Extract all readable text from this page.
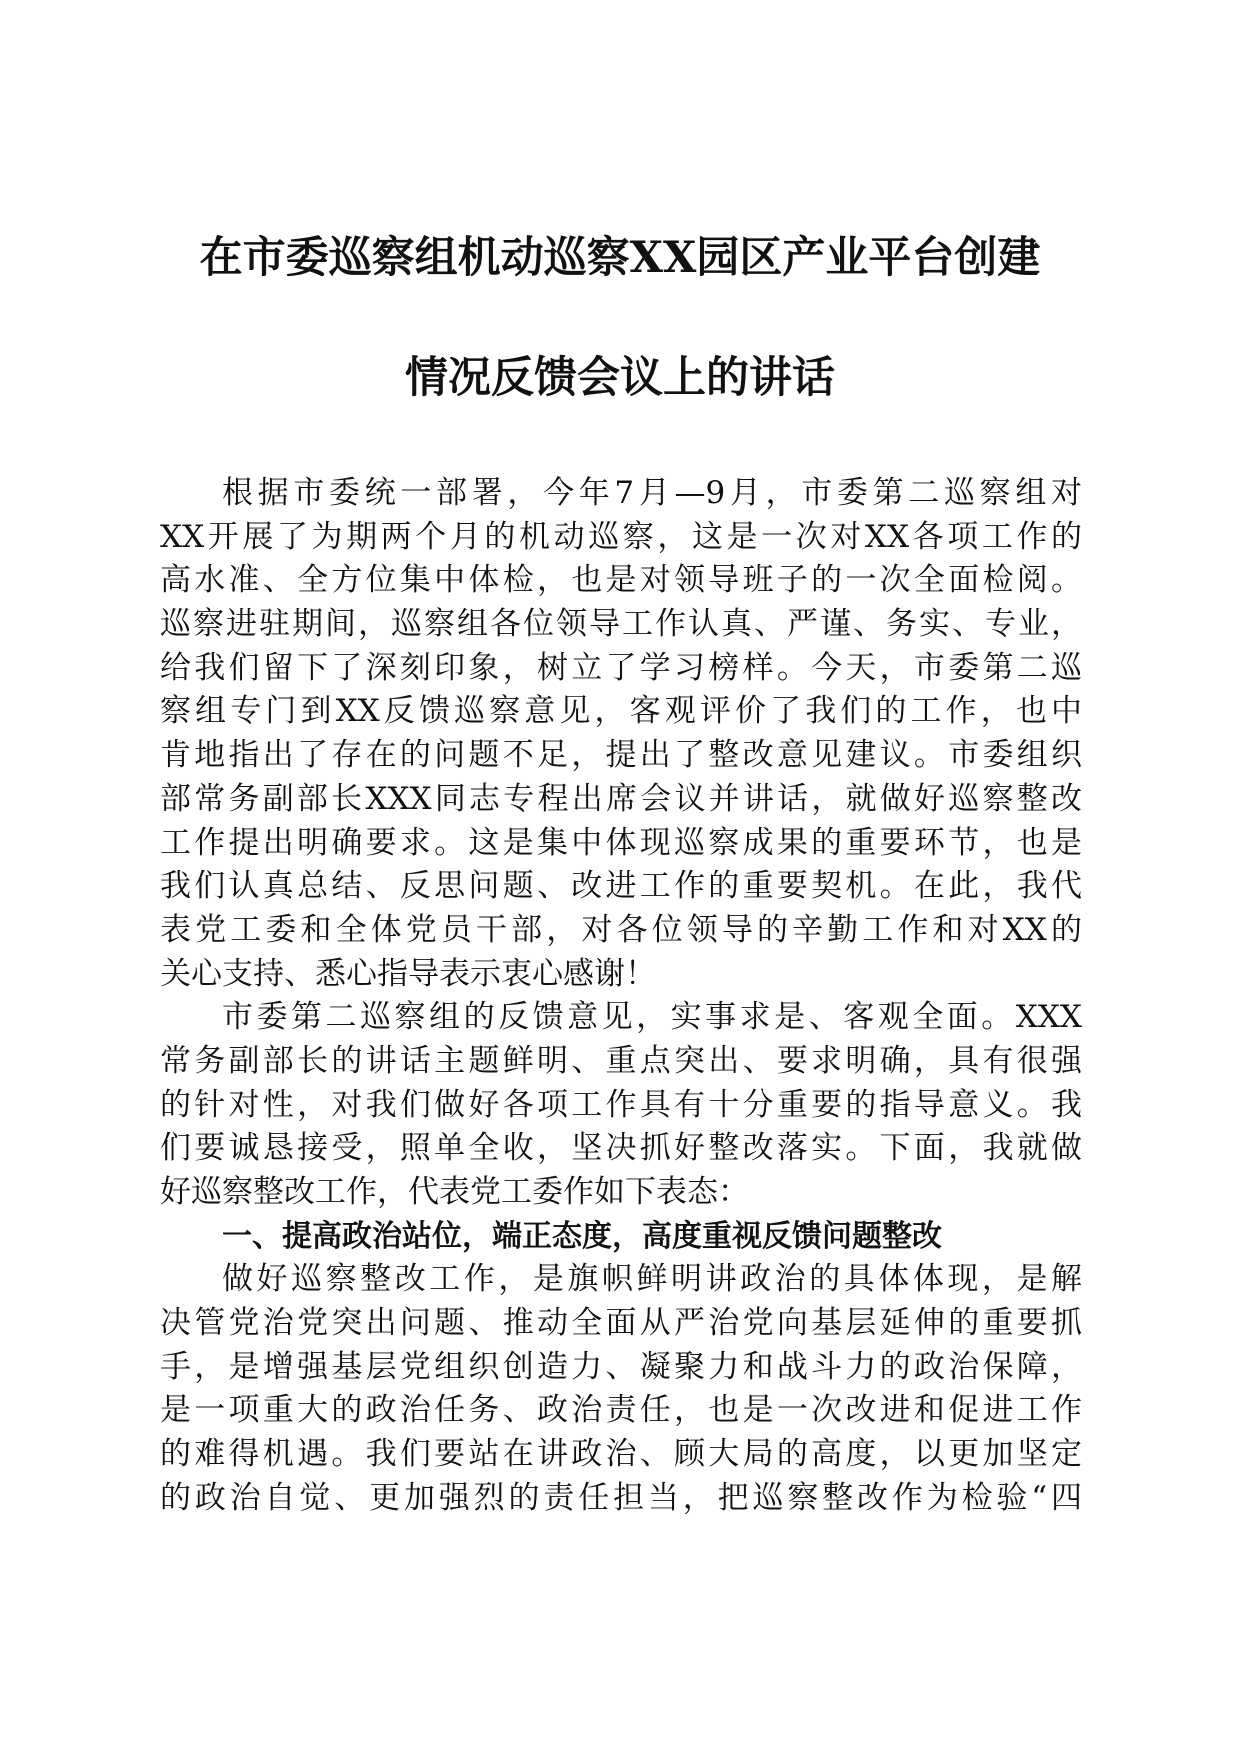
在市委巡察组机动巡察XX园区产业平台创建
情况反馈会议上的讲话
根据市委统一部署，今年7月—9月，市委第二巡察组对
XX开展了为期两个月的机动巡察，这是一次对XX各项工作的
高水准、全方位集中体检，也是对领导班子的一次全面检阅。
巡察进驻期间，巡察组各位领导工作认真、严谨、务实、专业，
给我们留下了深刻印象，树立了学习榜样。今天，市委第二巡
察组专门到XX反馈巡察意见，客观评价了我们的工作，也中
肯地指出了存在的问题不足，提出了整改意见建议。市委组织
部常务副部长XXX同志专程出席会议并讲话，就做好巡察整改
工作提出明确要求。这是集中体现巡察成果的重要环节，也是
我们认真总结、反思问题、改进工作的重要契机。在此，我代
表党工委和全体党员干部，对各位领导的辛勤工作和对XX的
关心支持、悉心指导表示衷心感谢！
市委第二巡察组的反馈意见，实事求是、客观全面。XXX
常务副部长的讲话主题鲜明、重点突出、要求明确，具有很强
的针对性，对我们做好各项工作具有十分重要的指导意义。我
们要诚恳接受，照单全收，坚决抓好整改落实。下面，我就做
好巡察整改工作，代表党工委作如下表态：
一、提高政治站位，端正态度，高度重视反馈问题整改
做好巡察整改工作，是旗帜鲜明讲政治的具体体现，是解
决管党治党突出问题、推动全面从严治党向基层延伸的重要抓
手，是增强基层党组织创造力、凝聚力和战斗力的政治保障，
是一项重大的政治任务、政治责任，也是一次改进和促进工作
的难得机遇。我们要站在讲政治、顾大局的高度，以更加坚定
的政治自觉、更加强烈的责任担当，把巡察整改作为检验“四
